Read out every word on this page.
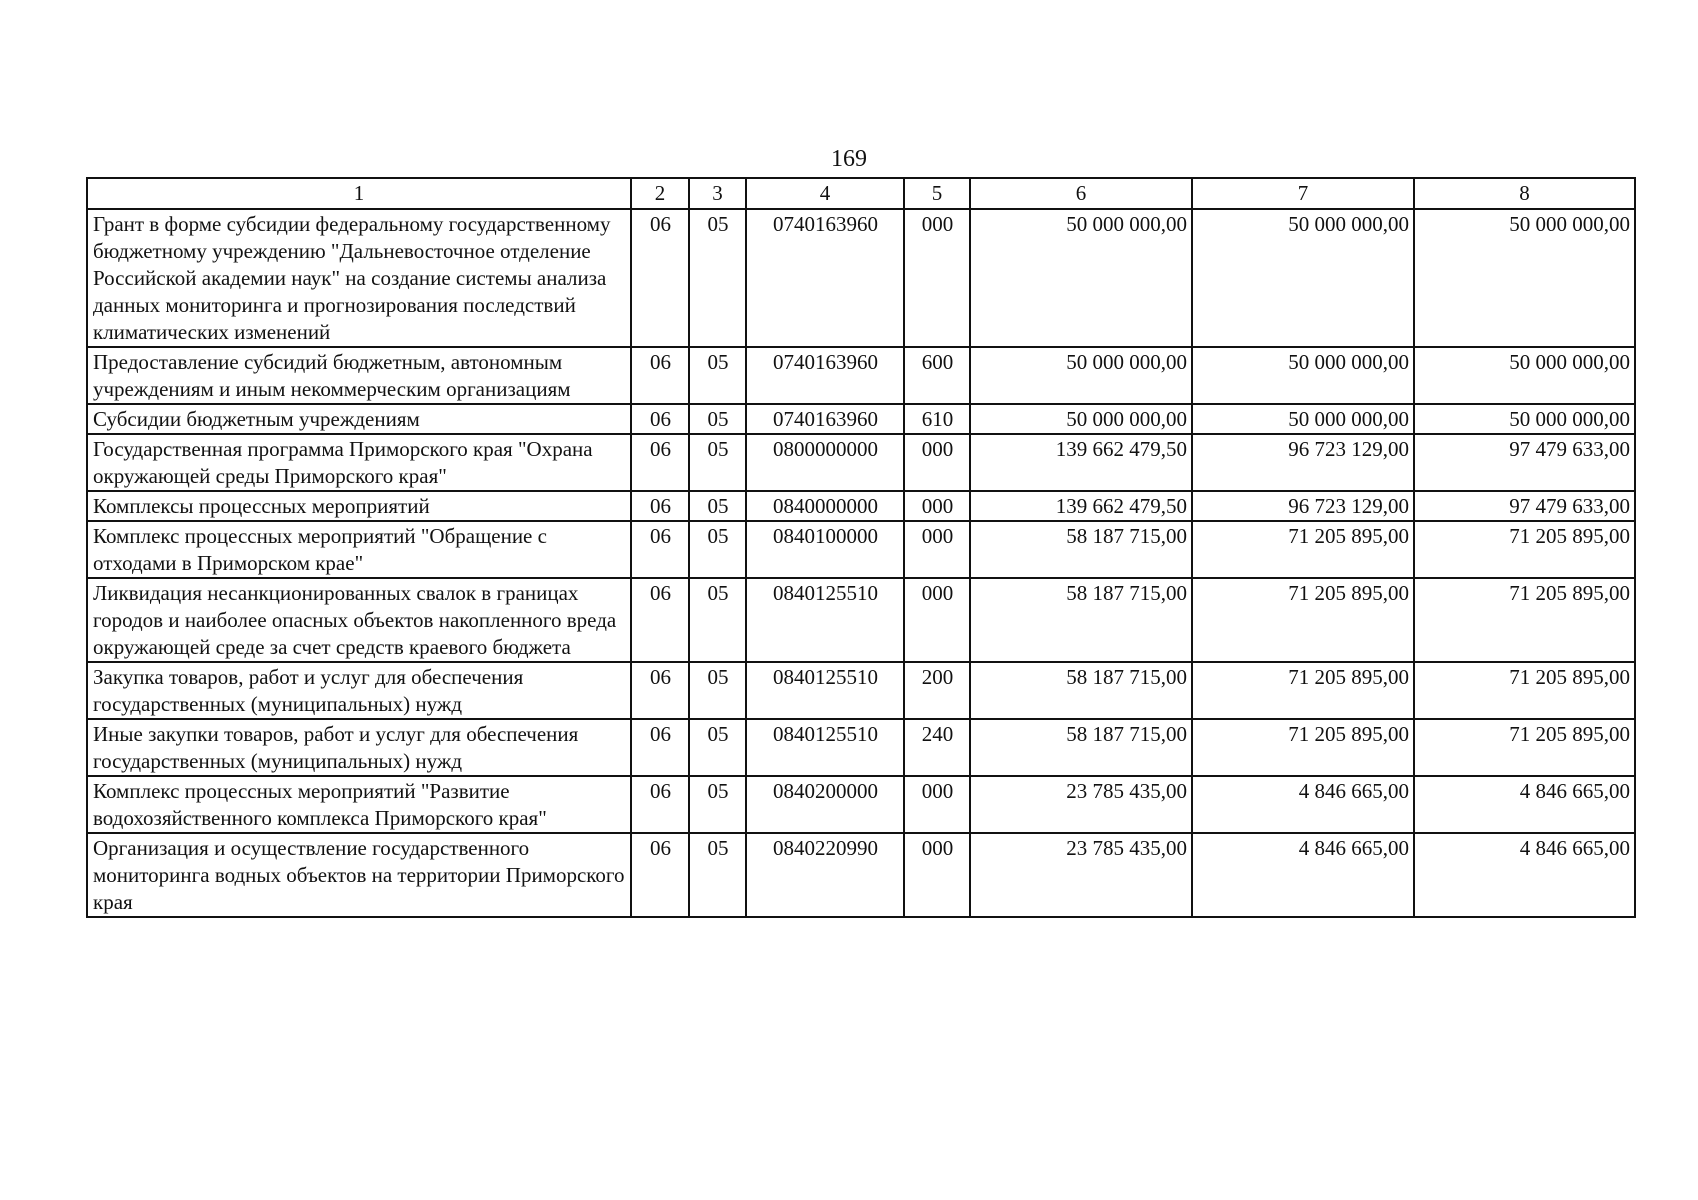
169
1	2	3	4	5	6	7	8
Грант в форме субсидии федеральному государственному бюджетному учреждению "Дальневосточное отделение Российской академии наук" на создание системы анализа данных мониторинга и прогнозирования последствий климатических изменений	06	05	0740163960	000	50 000 000,00	50 000 000,00	50 000 000,00
Предоставление субсидий бюджетным, автономным учреждениям и иным некоммерческим организациям	06	05	0740163960	600	50 000 000,00	50 000 000,00	50 000 000,00
Субсидии бюджетным учреждениям	06	05	0740163960	610	50 000 000,00	50 000 000,00	50 000 000,00
Государственная программа Приморского края "Охрана окружающей среды Приморского края"	06	05	0800000000	000	139 662 479,50	96 723 129,00	97 479 633,00
Комплексы процессных мероприятий	06	05	0840000000	000	139 662 479,50	96 723 129,00	97 479 633,00
Комплекс процессных мероприятий "Обращение с отходами в Приморском крае"	06	05	0840100000	000	58 187 715,00	71 205 895,00	71 205 895,00
Ликвидация несанкционированных свалок в границах городов и наиболее опасных объектов накопленного вреда окружающей среде за счет средств краевого бюджета	06	05	0840125510	000	58 187 715,00	71 205 895,00	71 205 895,00
Закупка товаров, работ и услуг для обеспечения государственных (муниципальных) нужд	06	05	0840125510	200	58 187 715,00	71 205 895,00	71 205 895,00
Иные закупки товаров, работ и услуг для обеспечения государственных (муниципальных) нужд	06	05	0840125510	240	58 187 715,00	71 205 895,00	71 205 895,00
Комплекс процессных мероприятий "Развитие водохозяйственного комплекса Приморского края"	06	05	0840200000	000	23 785 435,00	4 846 665,00	4 846 665,00
Организация и осуществление государственного мониторинга водных объектов на территории Приморского края	06	05	0840220990	000	23 785 435,00	4 846 665,00	4 846 665,00
